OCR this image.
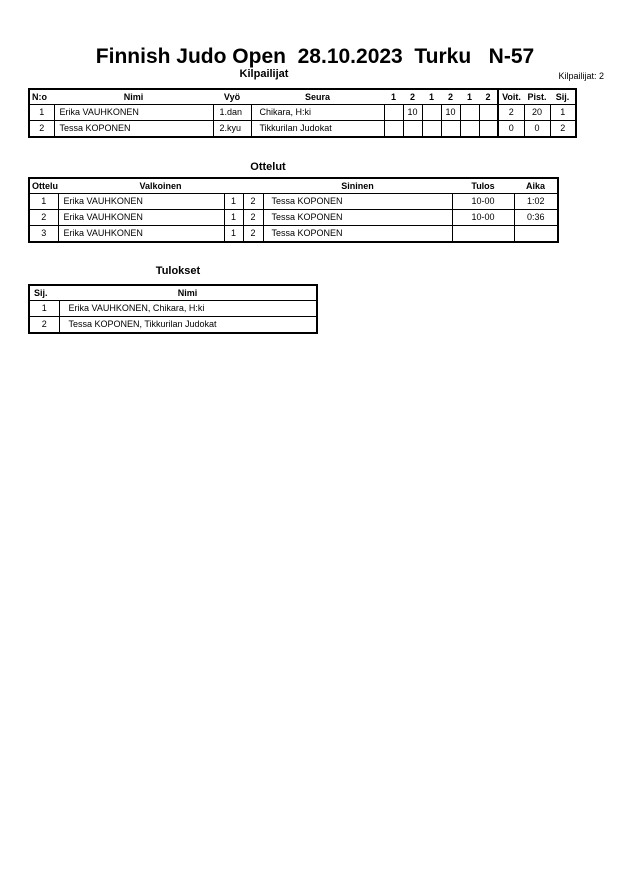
Finnish Judo Open  28.10.2023  Turku   N-57
Kilpailijat	Kilpailijat: 2
N:o	Nimi	Vyö	Seura	1	2	1	2	1	2	Voit.	Pist.	Sij.
1	Erika VAUHKONEN	1.dan	Chikara, H:ki		10		10			2	20	1
2	Tessa KOPONEN	2.kyu	Tikkurilan Judokat							0	0	2
Ottelut
Ottelu	Valkoinen			Sininen	Tulos	Aika
1	Erika VAUHKONEN	1	2	Tessa KOPONEN	10-00	1:02
2	Erika VAUHKONEN	1	2	Tessa KOPONEN	10-00	0:36
3	Erika VAUHKONEN	1	2	Tessa KOPONEN		
Tulokset
Sij.	Nimi
1	Erika VAUHKONEN, Chikara, H:ki
2	Tessa KOPONEN, Tikkurilan Judokat
